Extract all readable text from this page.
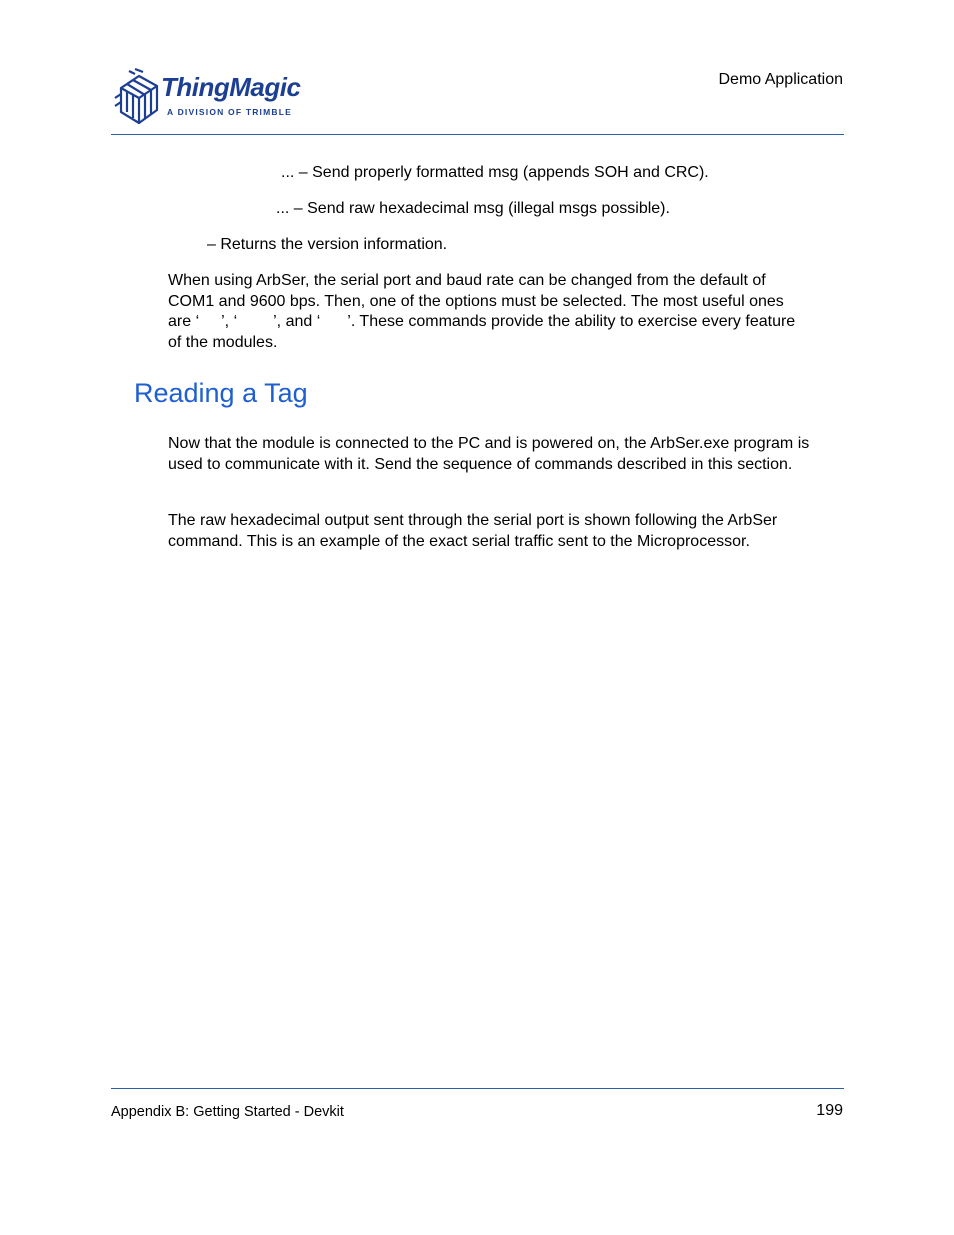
ThingMagic
A DIVISION OF TRIMBLE
Demo Application
... – Send properly formatted msg (appends SOH and CRC).
... – Send raw hexadecimal msg (illegal msgs possible).
– Returns the version information.

When using ArbSer, the serial port and baud rate can be changed from the default of

COM1 and 9600 bps. Then, one of the options must be selected. The most useful ones

are ‘ ’, ‘ ’, and ‘ ’. These commands provide the ability to exercise every feature

of the modules.

Reading a Tag
Now that the module is connected to the PC and is powered on, the ArbSer.exe program is used to communicate with it. Send the sequence of commands described in this section.
The raw hexadecimal output sent through the serial port is shown following the ArbSer command. This is an example of the exact serial traffic sent to the Microprocessor.
Appendix B: Getting Started - Devkit	199
